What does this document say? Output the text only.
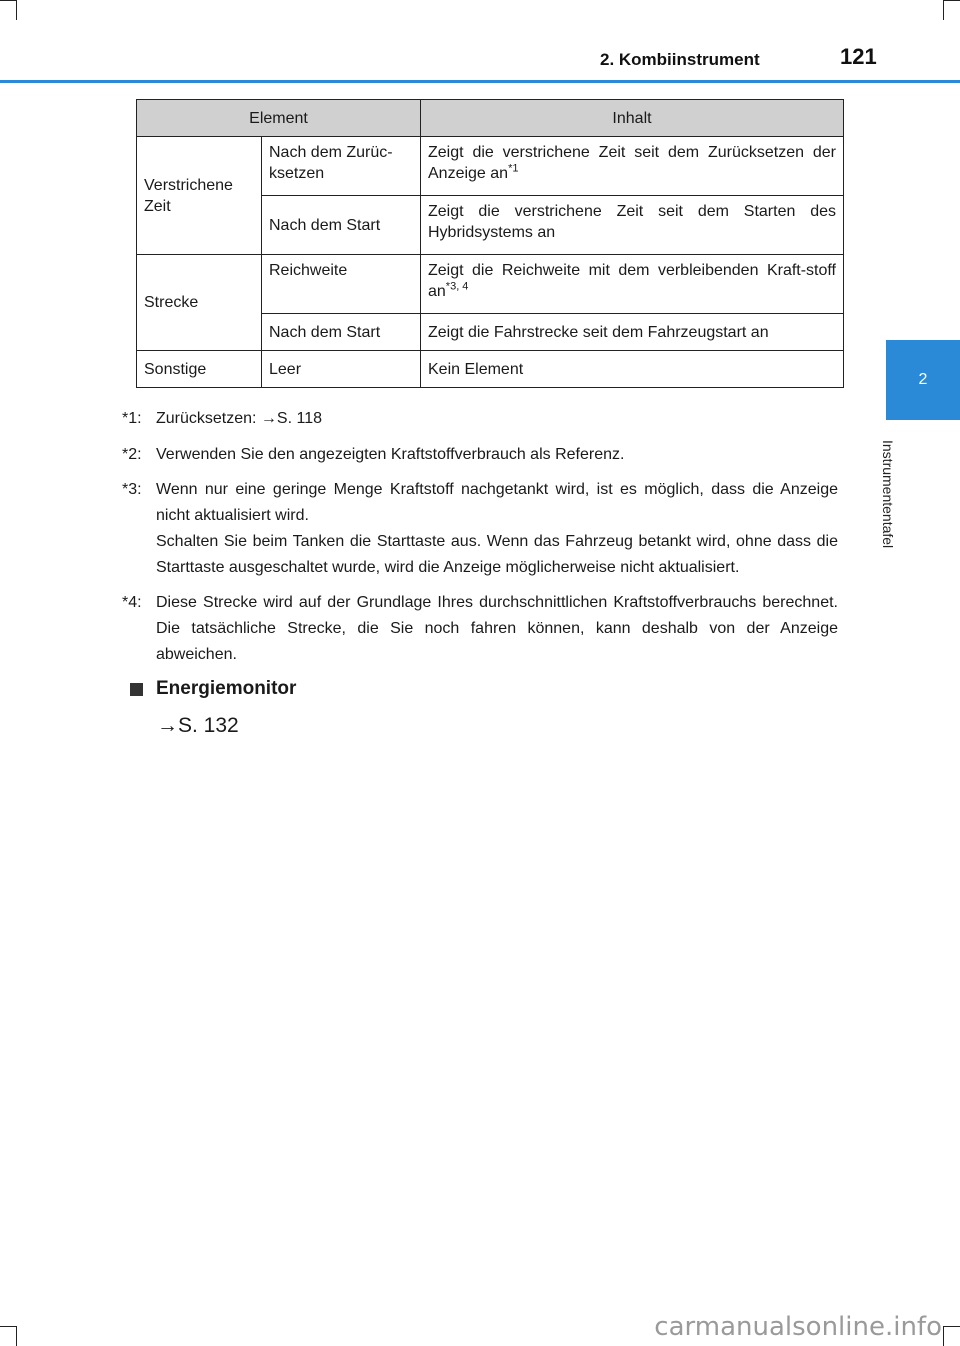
2. Kombiinstrument	121
2
Instrumententafel
Element		Inhalt
Verstrichene Zeit	Nach dem Zurüc-ksetzen	Zeigt die verstrichene Zeit seit dem Zurücksetzen der Anzeige $an^{*1}$
	Nach dem Start	Zeigt die verstrichene Zeit seit dem Starten des Hybridsystems an
Strecke	Reichweite	Zeigt die Reichweite mit dem verbleibenden Kraft-stoff an$^{*3, 4}$
	Nach dem Start	Zeigt die Fahrstrecke seit dem Fahrzeugstart an
Sonstige	Leer	Kein Element
*1: Zurücksetzen: →S. 118
*2: Verwenden Sie den angezeigten Kraftstoffverbrauch als Referenz.
*3: Wenn nur eine geringe Menge Kraftstoff nachgetankt wird, ist es möglich, dass die Anzeige nicht aktualisiert wird.
Schalten Sie beim Tanken die Starttaste aus. Wenn das Fahrzeug betankt wird, ohne dass die Starttaste ausgeschaltet wurde, wird die Anzeige möglicherweise nicht aktualisiert.
*4: Diese Strecke wird auf der Grundlage Ihres durchschnittlichen Kraftstoffverbrauchs berechnet. Die tatsächliche Strecke, die Sie noch fahren können, kann deshalb von der Anzeige abweichen.
Energiemonitor
→S. 132
carmanualsonline.info
